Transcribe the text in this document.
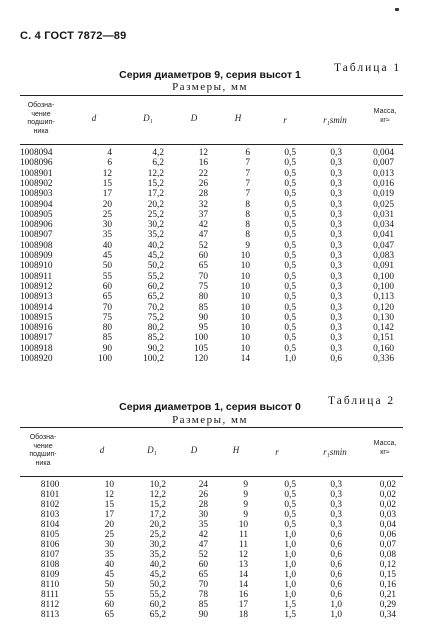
С. 4 ГОСТ 7872—89
Таблица 1
Серия диаметров 9, серия высот 1
Размеры, мм
Обозна-
чение
подшип-
ника
d	D₁	D	H	r	r₁smin
Масса,
кг≈
1008094	4	4,2	12	6	0,5	0,3	0,004
1008096	6	6,2	16	7	0,5	0,3	0,007
1008901	12	12,2	22	7	0,5	0,3	0,013
1008902	15	15,2	26	7	0,5	0,3	0,016
1008903	17	17,2	28	7	0,5	0,3	0,019
1008904	20	20,2	32	8	0,5	0,3	0,025
1008905	25	25,2	37	8	0,5	0,3	0,031
1008906	30	30,2	42	8	0,5	0,3	0,034
1008907	35	35,2	47	8	0,5	0,3	0,041
1008908	40	40,2	52	9	0,5	0,3	0,047
1008909	45	45,2	60	10	0,5	0,3	0,083
1008910	50	50,2	65	10	0,5	0,3	0,091
1008911	55	55,2	70	10	0,5	0,3	0,100
1008912	60	60,2	75	10	0,5	0,3	0,100
1008913	65	65,2	80	10	0,5	0,3	0,113
1008914	70	70,2	85	10	0,5	0,3	0,120
1008915	75	75,2	90	10	0,5	0,3	0,130
1008916	80	80,2	95	10	0,5	0,3	0,142
1008917	85	85,2	100	10	0,5	0,3	0,151
1008918	90	90,2	105	10	0,5	0,3	0,160
1008920	100	100,2	120	14	1,0	0,6	0,336
Таблица 2
Серия диаметров 1, серия высот 0
Размеры, мм
Обозна-
чение
подшип-
ника
d	D₁	D	H	r	r₁smin
Масса,
кг≈
8100	10	10,2	24	9	0,5	0,3	0,02
8101	12	12,2	26	9	0,5	0,3	0,02
8102	15	15,2	28	9	0,5	0,3	0,02
8103	17	17,2	30	9	0,5	0,3	0,03
8104	20	20,2	35	10	0,5	0,3	0,04
8105	25	25,2	42	11	1,0	0,6	0,06
8106	30	30,2	47	11	1,0	0,6	0,07
8107	35	35,2	52	12	1,0	0,6	0,08
8108	40	40,2	60	13	1,0	0,6	0,12
8109	45	45,2	65	14	1,0	0,6	0,15
8110	50	50,2	70	14	1,0	0,6	0,16
8111	55	55,2	78	16	1,0	0,6	0,21
8112	60	60,2	85	17	1,5	1,0	0,29
8113	65	65,2	90	18	1,5	1,0	0,34
